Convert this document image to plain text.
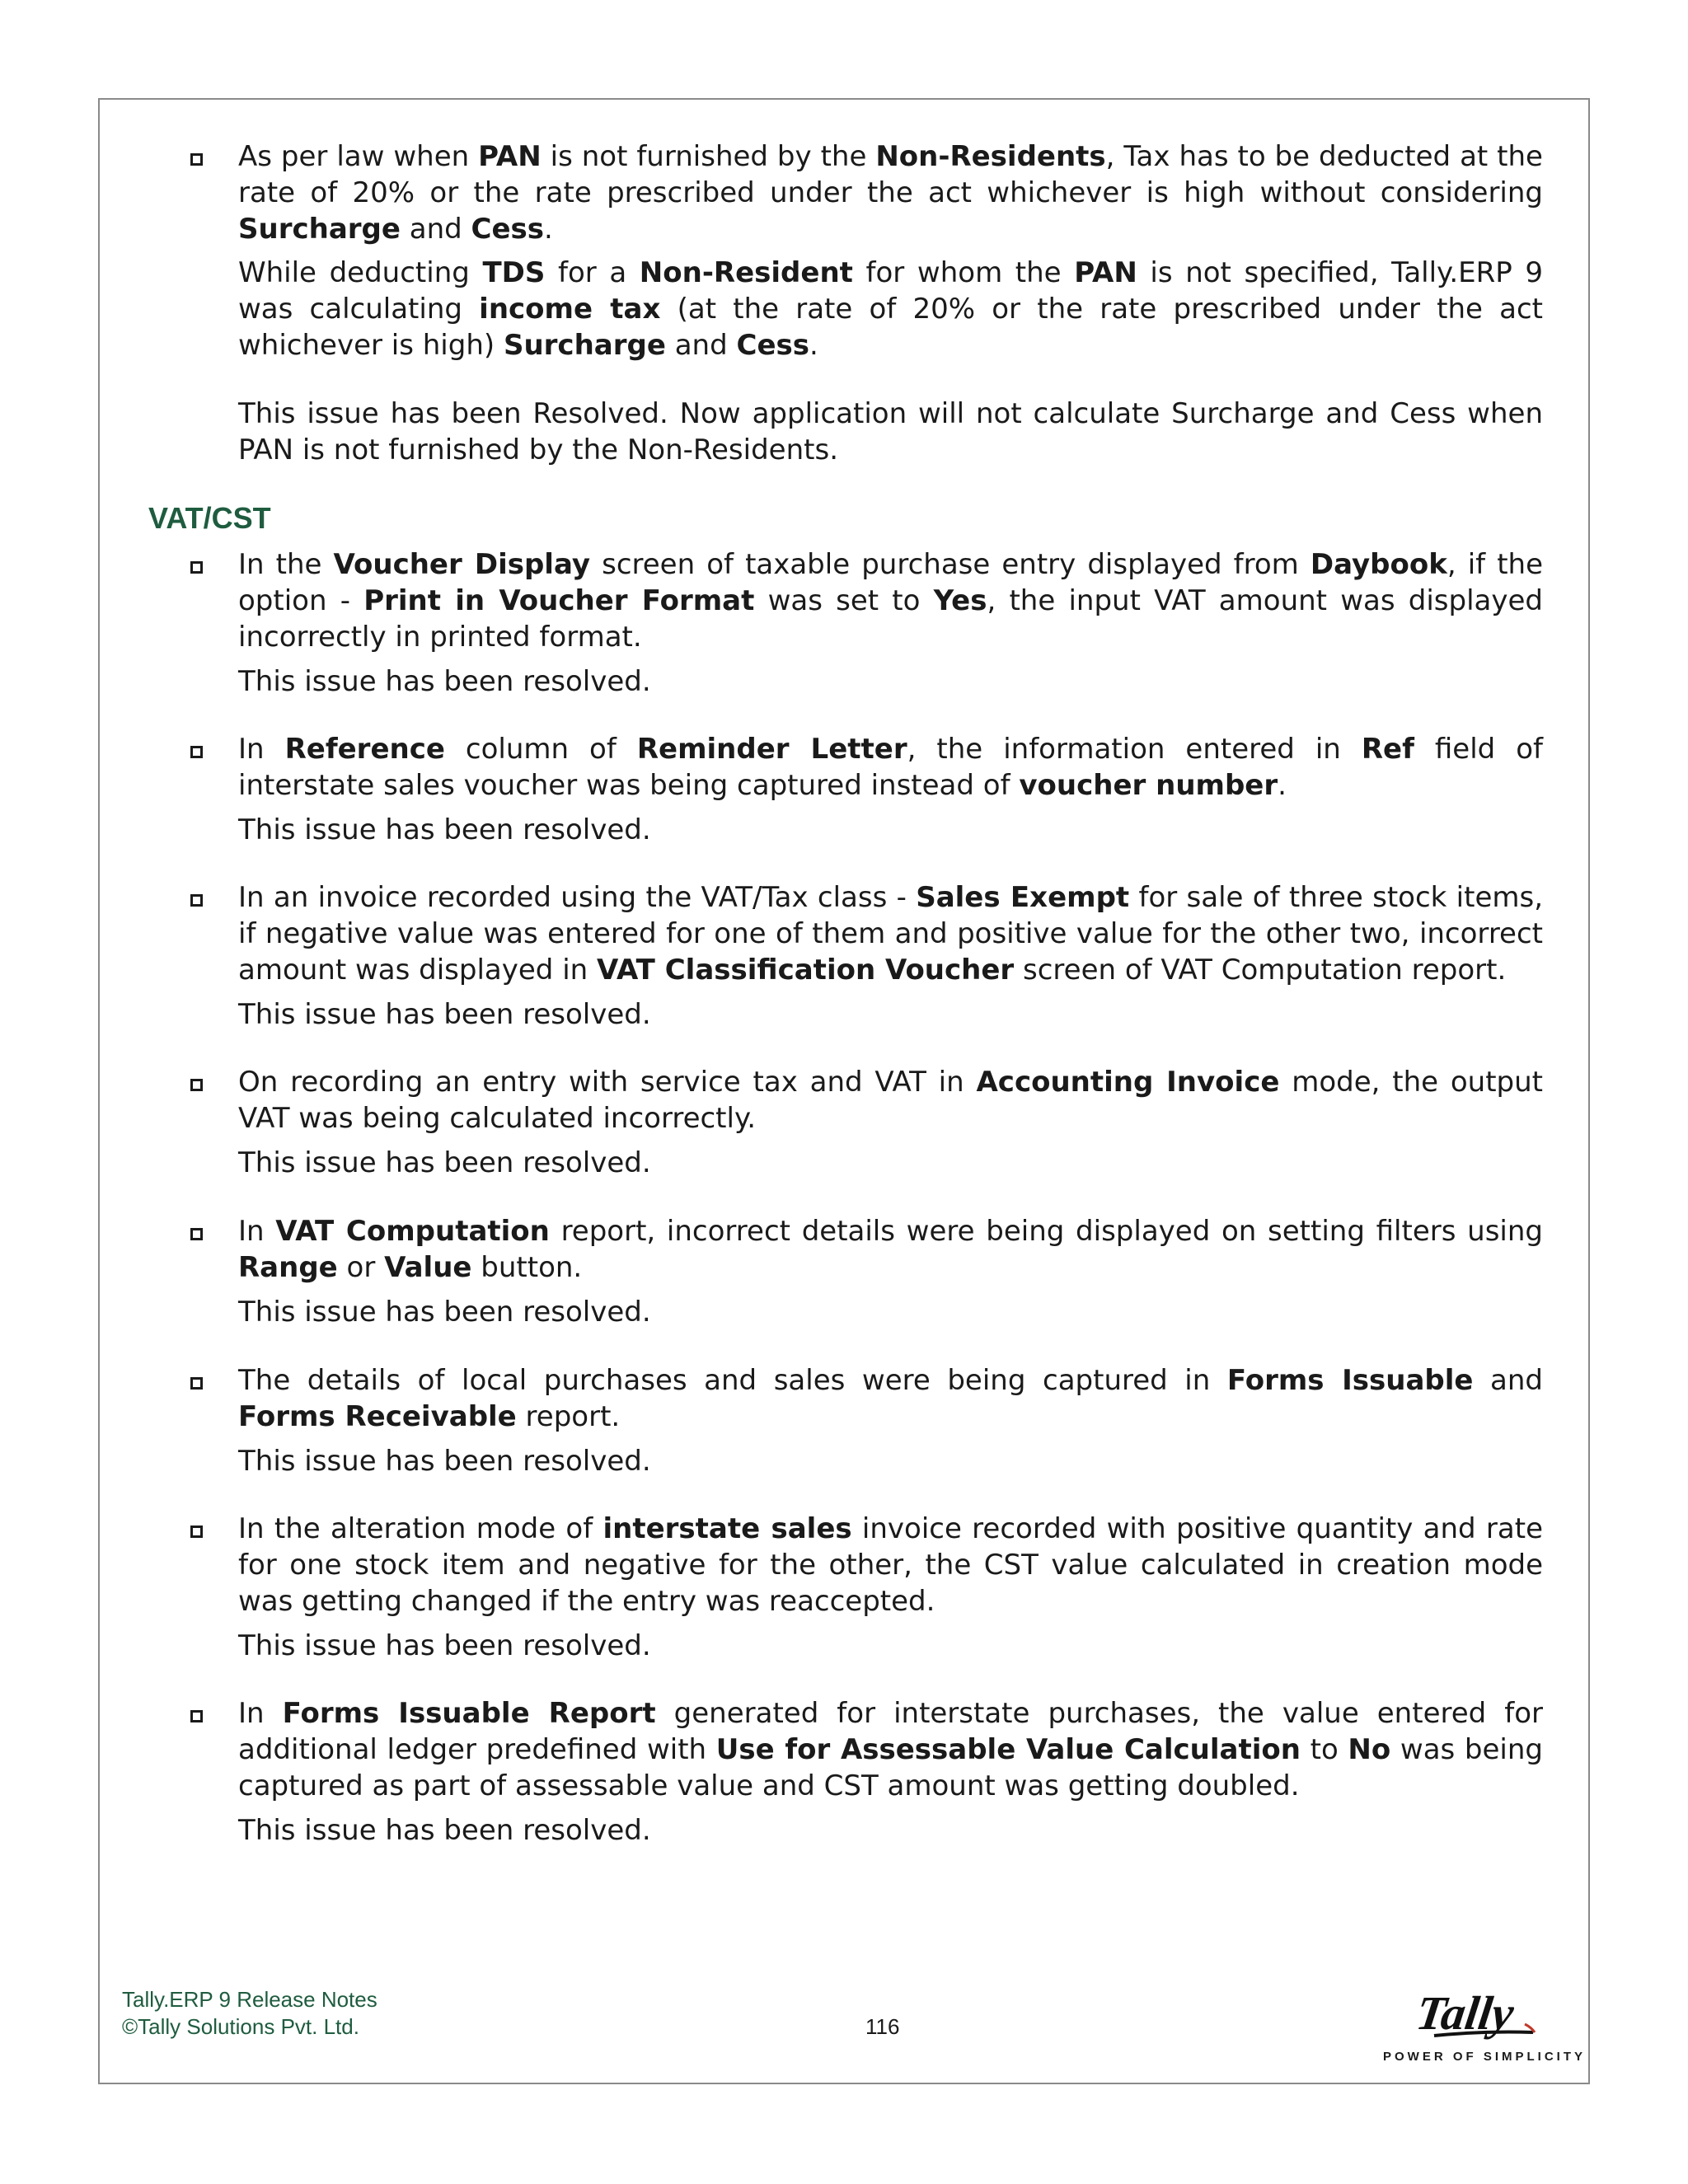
As per law when PAN is not furnished by the Non-Residents, Tax has to be deducted at the rate of 20% or the rate prescribed under the act whichever is high without considering Surcharge and Cess.

While deducting TDS for a Non-Resident for whom the PAN is not specified, Tally.ERP 9 was calculating income tax (at the rate of 20% or the rate prescribed under the act whichever is high) Surcharge and Cess.

This issue has been Resolved. Now application will not calculate Surcharge and Cess when PAN is not furnished by the Non-Residents.

VAT/CST

In the Voucher Display screen of taxable purchase entry displayed from Daybook, if the option - Print in Voucher Format was set to Yes, the input VAT amount was displayed incorrectly in printed format.

This issue has been resolved.

In Reference column of Reminder Letter, the information entered in Ref field of interstate sales voucher was being captured instead of voucher number.

This issue has been resolved.

In an invoice recorded using the VAT/Tax class - Sales Exempt for sale of three stock items, if negative value was entered for one of them and positive value for the other two, incorrect amount was displayed in VAT Classification Voucher screen of VAT Computation report.

This issue has been resolved.

On recording an entry with service tax and VAT in Accounting Invoice mode, the output VAT was being calculated incorrectly.

This issue has been resolved.

In VAT Computation report, incorrect details were being displayed on setting filters using Range or Value button.

This issue has been resolved.

The details of local purchases and sales were being captured in Forms Issuable and Forms Receivable report.

This issue has been resolved.

In the alteration mode of interstate sales invoice recorded with positive quantity and rate for one stock item and negative for the other, the CST value calculated in creation mode was getting changed if the entry was reaccepted.

This issue has been resolved.

In Forms Issuable Report generated for interstate purchases, the value entered for additional ledger predefined with Use for Assessable Value Calculation to No was being captured as part of assessable value and CST amount was getting doubled.

This issue has been resolved.

Tally.ERP 9 Release Notes
©Tally Solutions Pvt. Ltd.	116	Tally
POWER OF SIMPLICITY
